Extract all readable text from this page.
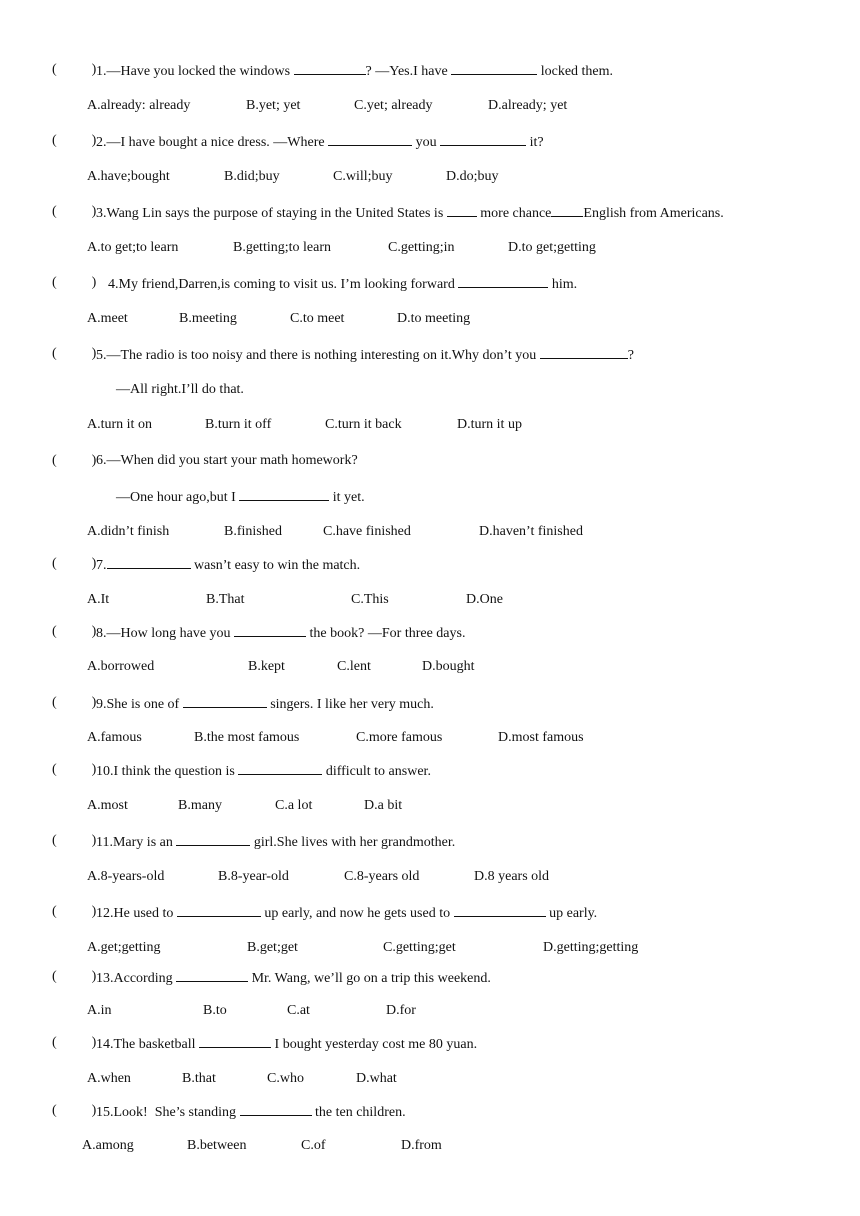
(          ) 1.—Have you locked the windows	? —Yes.I have	locked them.
A.already: already	B.yet; yet	C.yet; already	D.already; yet
(          ) 2.—I have bought a nice dress. —Where	you	it?
A.have;bought	B.did;buy	C.will;buy	D.do;buy
(          ) 3.Wang Lin says the purpose of staying in the United States is  more chance English from Americans.
A.to get;to learn	B.getting;to learn	C.getting;in	D.to get;getting
(          ) 4.My friend,Darren,is coming to visit us. I’m looking forward	him.
A.meet	B.meeting	C.to meet	D.to meeting
(          ) 5.—The radio is too noisy and there is nothing interesting on it.Why don’t you	?
—All right.I’ll do that.
A.turn it on	B.turn it off	C.turn it back	D.turn it up
(          ) 6.—When did you start your math homework?
—One hour ago,but I	it yet.
A.didn’t finish	B.finished	C.have finished	D.haven’t finished
(          ) 7.	wasn’t easy to win the match.
A.It	B.That	C.This	D.One
(          ) 8.—How long have you	the book? —For three days.
A.borrowed	B.kept	C.lent	D.bought
(          ) 9.She is one of	singers. I like her very much.
A.famous	B.the most famous	C.more famous	D.most famous
(          ) 10.I think the question is	difficult to answer.
A.most	B.many	C.a lot	D.a bit
(          ) 11.Mary is an	girl.She lives with her grandmother.
A.8-years-old	B.8-year-old	C.8-years old	D.8 years old
(          ) 12.He used to	up early, and now he gets used to	up early.
A.get;getting	B.get;get	C.getting;get	D.getting;getting
(          ) 13.According	Mr. Wang, we’ll go on a trip this weekend.
A.in	B.to	C.at	D.for
(          ) 14.The basketball	I bought yesterday cost me 80 yuan.
A.when	B.that	C.who	D.what
(          ) 15.Look!  She’s standing	the ten children.
A.among	B.between	C.of	D.from
